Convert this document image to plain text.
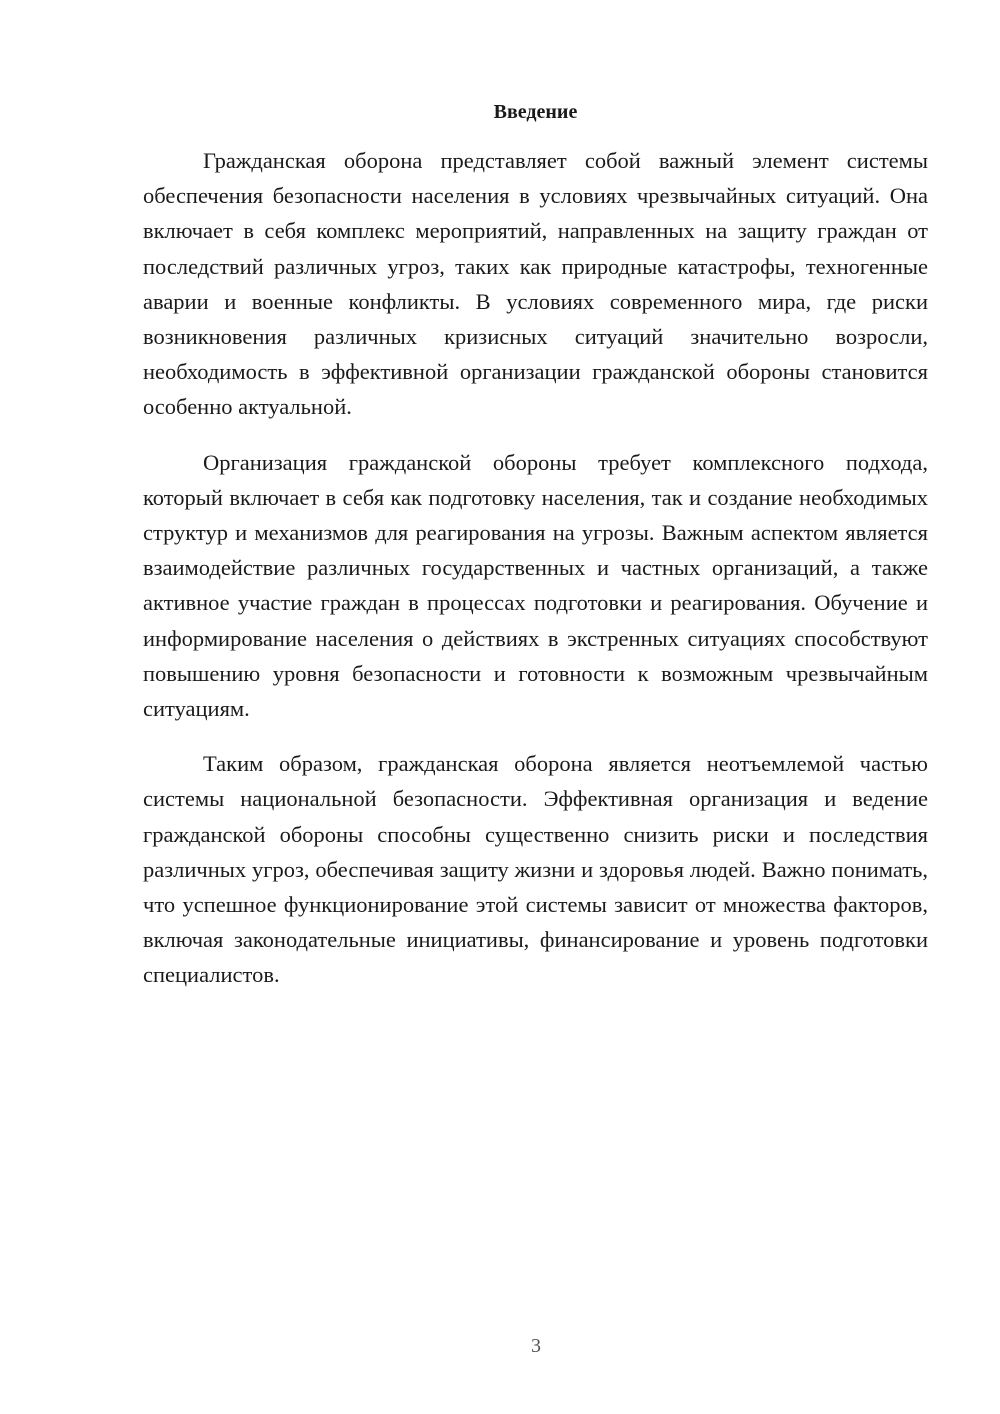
Введение

Гражданская оборона представляет собой важный элемент системы обеспечения безопасности населения в условиях чрезвычайных ситуаций. Она включает в себя комплекс мероприятий, направленных на защиту граждан от последствий различных угроз, таких как природные катастрофы, техногенные аварии и военные конфликты. В условиях современного мира, где риски возникновения различных кризисных ситуаций значительно возросли, необходимость в эффективной организации гражданской обороны становится особенно актуальной.

Организация гражданской обороны требует комплексного подхода, который включает в себя как подготовку населения, так и создание необходимых структур и механизмов для реагирования на угрозы. Важным аспектом является взаимодействие различных государственных и частных организаций, а также активное участие граждан в процессах подготовки и реагирования. Обучение и информирование населения о действиях в экстренных ситуациях способствуют повышению уровня безопасности и готовности к возможным чрезвычайным ситуациям.

Таким образом, гражданская оборона является неотъемлемой частью системы национальной безопасности. Эффективная организация и ведение гражданской обороны способны существенно снизить риски и последствия различных угроз, обеспечивая защиту жизни и здоровья людей. Важно понимать, что успешное функционирование этой системы зависит от множества факторов, включая законодательные инициативы, финансирование и уровень подготовки специалистов.

3
